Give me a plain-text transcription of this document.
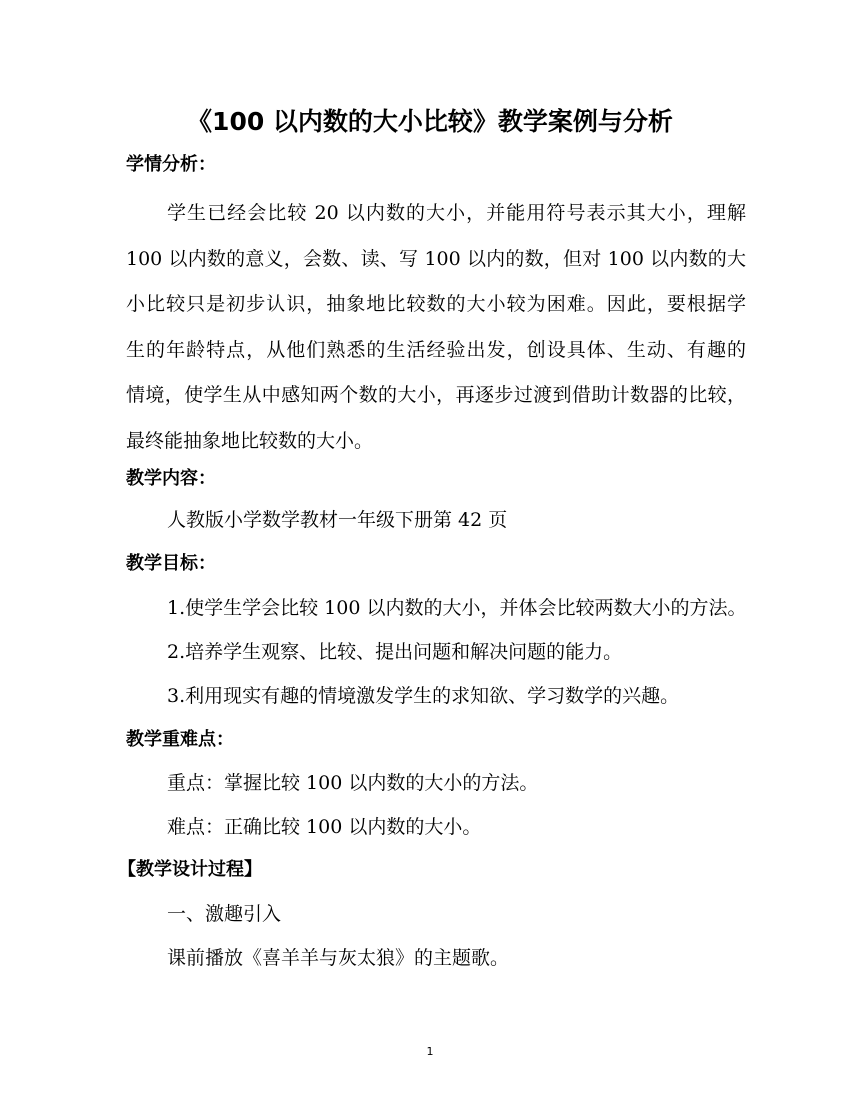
《100 以内数的大小比较》教学案例与分析
学情分析：
学生已经会比较 20 以内数的大小，并能用符号表示其大小，理解
100 以内数的意义，会数、读、写 100 以内的数，但对 100 以内数的大
小比较只是初步认识，抽象地比较数的大小较为困难。因此，要根据学
生的年龄特点，从他们熟悉的生活经验出发，创设具体、生动、有趣的
情境，使学生从中感知两个数的大小，再逐步过渡到借助计数器的比较，
最终能抽象地比较数的大小。
教学内容：
人教版小学数学教材一年级下册第 42 页
教学目标：
1.使学生学会比较 100 以内数的大小，并体会比较两数大小的方法。
2.培养学生观察、比较、提出问题和解决问题的能力。
3.利用现实有趣的情境激发学生的求知欲、学习数学的兴趣。
教学重难点：
重点：掌握比较 100 以内数的大小的方法。
难点：正确比较 100 以内数的大小。
【教学设计过程】
一、激趣引入
课前播放《喜羊羊与灰太狼》的主题歌。
1
